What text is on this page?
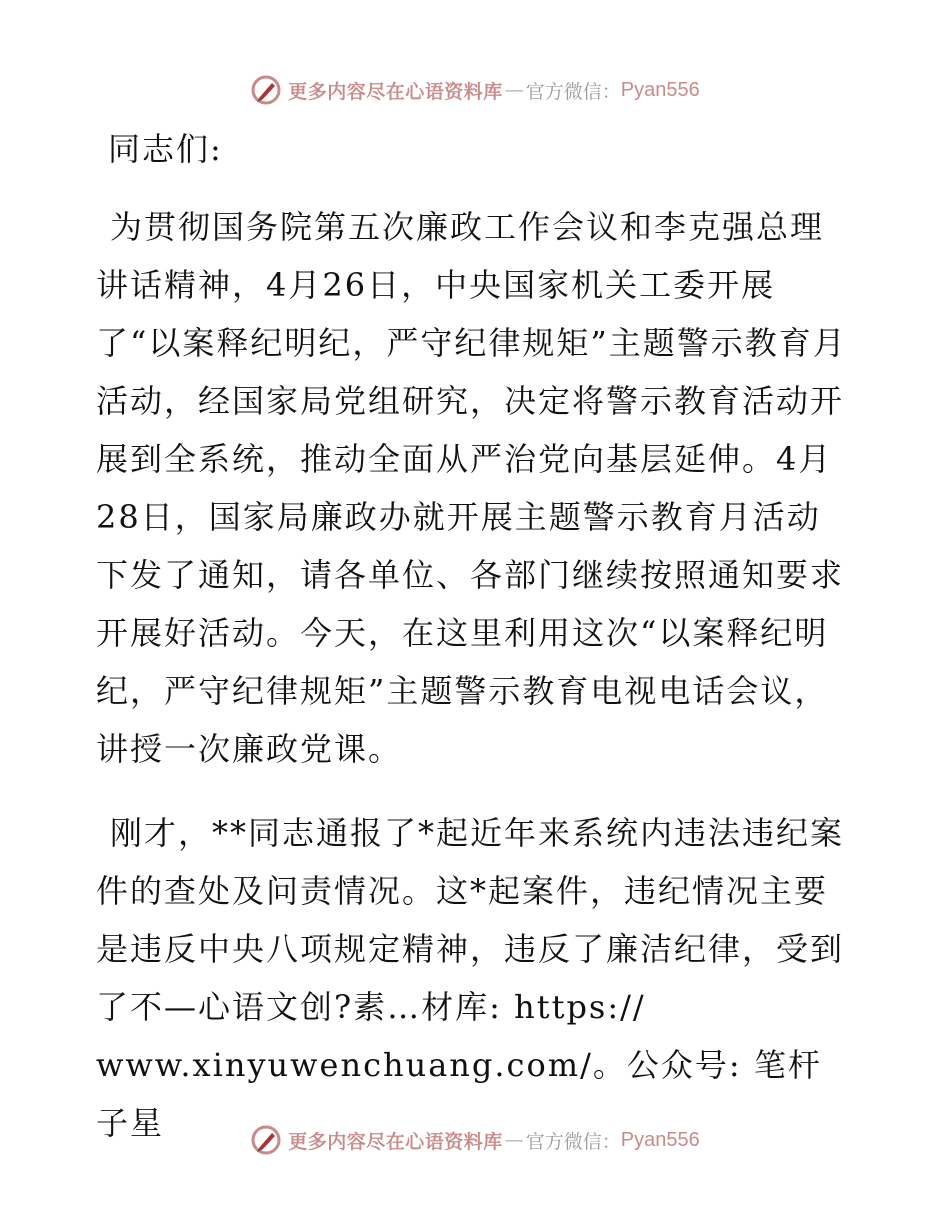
更多内容尽在心语资料库 — 官方微信： Pyan556

同志们:

为贯彻国务院第五次廉政工作会议和李克强总理讲话精神，4月26日，中央国家机关工委开展了“以案释纪明纪，严守纪律规矩”主题警示教育月活动，经国家局党组研究，决定将警示教育活动开展到全系统，推动全面从严治党向基层延伸。4月28日，国家局廉政办就开展主题警示教育月活动下发了通知，请各单位、各部门继续按照通知要求开展好活动。今天，在这里利用这次“以案释纪明纪，严守纪律规矩”主题警示教育电视电话会议，讲授一次廉政党课。

刚才，**同志通报了*起近年来系统内违法违纪案件的查处及问责情况。这*起案件，违纪情况主要是违反中央八项规定精神，违反了廉洁纪律，受到了不—心语文创?素…材库: https:// www.xinyuwenchuang.com/。公众号: 笔杆子星	更多内容尽在心语资料库 — 官方微信： Pyan556
